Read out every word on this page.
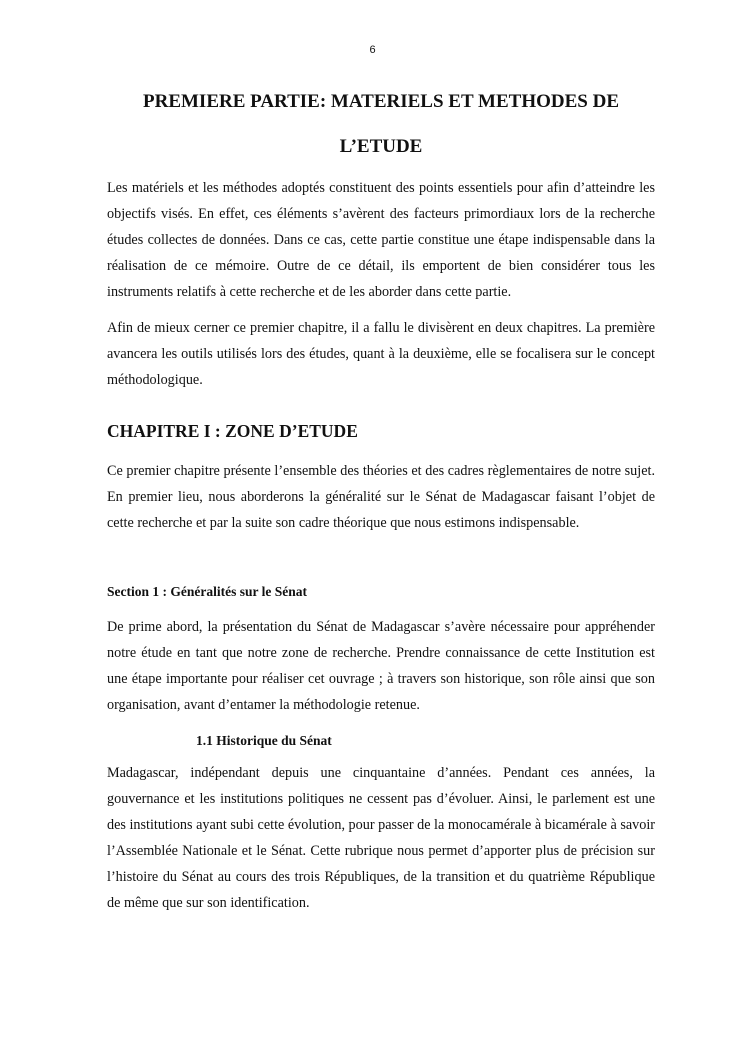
6
PREMIERE PARTIE: MATERIELS ET METHODES DE
L’ETUDE

Les matériels et les méthodes adoptés constituent des points essentiels pour afin d’atteindre les objectifs visés. En effet, ces éléments s’avèrent des facteurs primordiaux lors de la recherche études collectes de données. Dans ce cas, cette partie constitue une étape indispensable dans la réalisation de ce mémoire. Outre de ce détail, ils emportent de bien considérer tous les instruments relatifs à cette recherche et de les aborder dans cette partie.

Afin de mieux cerner ce premier chapitre, il a fallu le divisèrent en deux chapitres. La première avancera les outils utilisés lors des études, quant à la deuxième, elle se focalisera sur le concept méthodologique.

CHAPITRE I : ZONE D’ETUDE

Ce premier chapitre présente l’ensemble des théories et des cadres règlementaires de notre sujet. En premier lieu, nous aborderons la généralité sur le Sénat de Madagascar faisant l’objet de cette recherche et par la suite son cadre théorique que nous estimons indispensable.

Section 1 : Généralités sur le Sénat

De prime abord, la présentation du Sénat de Madagascar s’avère nécessaire pour appréhender notre étude en tant que notre zone de recherche. Prendre connaissance de cette Institution est une étape importante pour réaliser cet ouvrage ; à travers son historique, son rôle ainsi que son organisation, avant d’entamer la méthodologie retenue.

1.1 Historique du Sénat

Madagascar, indépendant depuis une cinquantaine d’années. Pendant ces années, la gouvernance et les institutions politiques ne cessent pas d’évoluer. Ainsi, le parlement est une des institutions ayant subi cette évolution, pour passer de la monocamérale à bicamérale à savoir l’Assemblée Nationale et le Sénat. Cette rubrique nous permet d’apporter plus de précision sur l’histoire du Sénat au cours des trois Républiques, de la transition et du quatrième République de même que sur son identification.
